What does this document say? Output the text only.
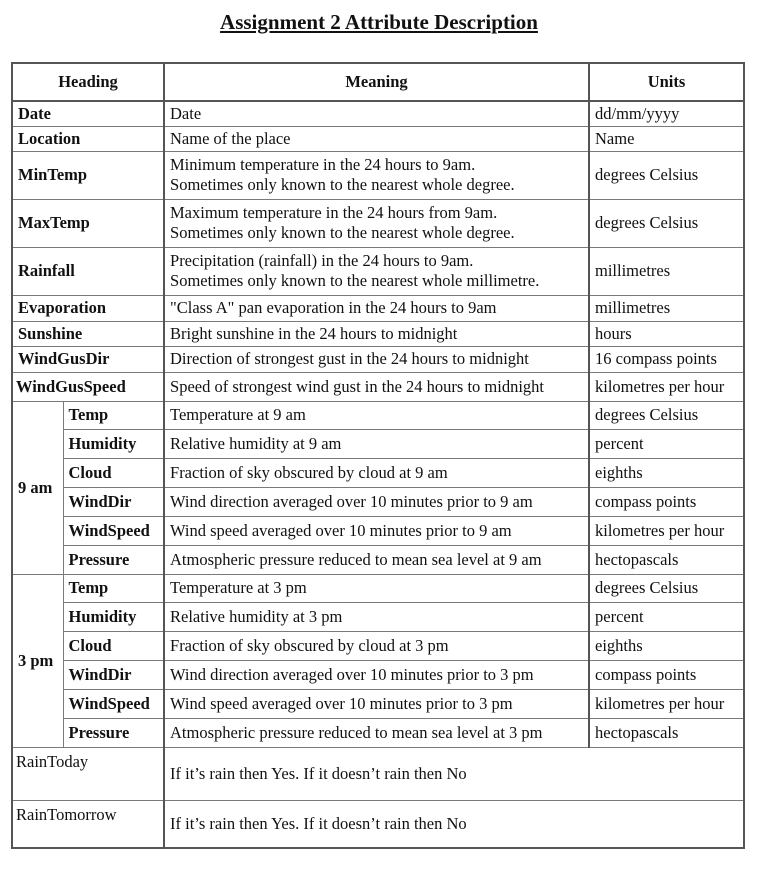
Assignment 2 Attribute Description
Heading		Meaning	Units
Date		Date	dd/mm/yyyy
Location		Name of the place	Name
MinTemp		Minimum temperature in the 24 hours to 9am.
Sometimes only known to the nearest whole degree.	degrees Celsius
MaxTemp		Maximum temperature in the 24 hours from 9am.
Sometimes only known to the nearest whole degree.	degrees Celsius
Rainfall		Precipitation (rainfall) in the 24 hours to 9am.
Sometimes only known to the nearest whole millimetre.	millimetres
Evaporation		"Class A" pan evaporation in the 24 hours to 9am	millimetres
Sunshine		Bright sunshine in the 24 hours to midnight	hours
WindGusDir		Direction of strongest gust in the 24 hours to midnight	16 compass points
WindGusSpeed		Speed of strongest wind gust in the 24 hours to midnight	kilometres per hour
9 am	Temp	Temperature at 9 am	degrees Celsius
	Humidity	Relative humidity at 9 am	percent
	Cloud	Fraction of sky obscured by cloud at 9 am	eighths
	WindDir	Wind direction averaged over 10 minutes prior to 9 am	compass points
	WindSpeed	Wind speed averaged over 10 minutes prior to 9 am	kilometres per hour
	Pressure	Atmospheric pressure reduced to mean sea level at 9 am	hectopascals
3 pm	Temp	Temperature at 3 pm	degrees Celsius
	Humidity	Relative humidity at 3 pm	percent
	Cloud	Fraction of sky obscured by cloud at 3 pm	eighths
	WindDir	Wind direction averaged over 10 minutes prior to 3 pm	compass points
	WindSpeed	Wind speed averaged over 10 minutes prior to 3 pm	kilometres per hour
	Pressure	Atmospheric pressure reduced to mean sea level at 3 pm	hectopascals
RainToday		If it’s rain then Yes. If it doesn’t rain then No	
RainTomorrow		If it’s rain then Yes. If it doesn’t rain then No	
